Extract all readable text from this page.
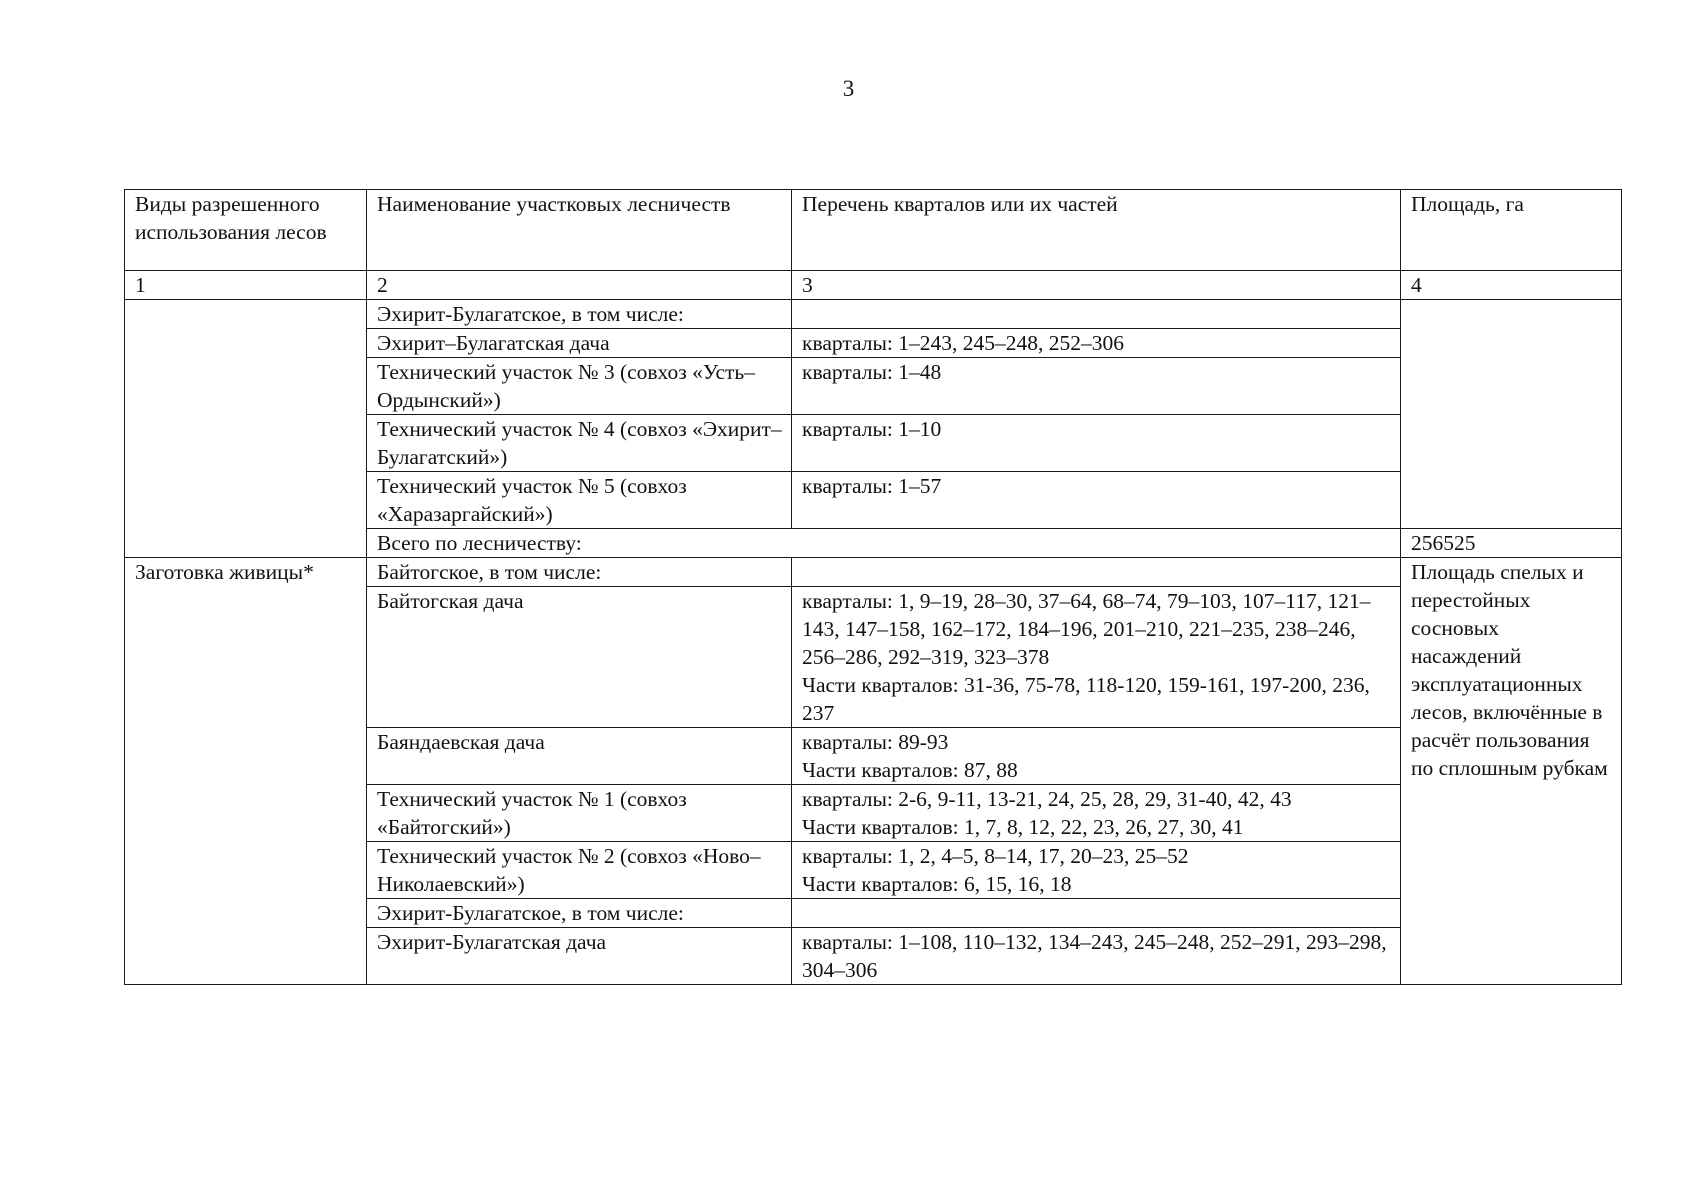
3
Виды разрешенного использования лесов	Наименование участковых лесничеств	Перечень кварталов или их частей	Площадь, га
1	2	3	4
	Эхирит-Булагатское, в том числе:		
	Эхирит–Булагатская дача	кварталы: 1–243, 245–248, 252–306	
	Технический участок № 3 (совхоз «Усть–Ордынский»)	кварталы: 1–48	
	Технический участок № 4 (совхоз «Эхирит–Булагатский»)	кварталы: 1–10	
	Технический участок № 5 (совхоз «Харазаргайский»)	кварталы: 1–57	
	Всего по лесничеству:		256525
Заготовка живицы*	Байтогское, в том числе:		Площадь спелых и перестойных сосновых насаждений эксплуатационных лесов, включённые в расчёт пользования по сплошным рубкам
	Байтогская дача	кварталы: 1, 9–19, 28–30, 37–64, 68–74, 79–103, 107–117, 121–143, 147–158, 162–172, 184–196, 201–210, 221–235, 238–246, 256–286, 292–319, 323–378
Части кварталов: 31-36, 75-78, 118-120, 159-161, 197-200, 236, 237	

	Баяндаевская дача	кварталы: 89-93
Части кварталов: 87, 88	

	Технический участок № 1 (совхоз «Байтогский»)	кварталы: 2-6, 9-11, 13-21, 24, 25, 28, 29, 31-40, 42, 43
Части кварталов: 1, 7, 8, 12, 22, 23, 26, 27, 30, 41	

	Технический участок № 2 (совхоз «Ново–Николаевский»)	кварталы: 1, 2, 4–5, 8–14, 17, 20–23, 25–52
Части кварталов: 6, 15, 16, 18	

	Эхирит-Булагатское, в том числе:		
	Эхирит-Булагатская дача	кварталы: 1–108, 110–132, 134–243, 245–248, 252–291, 293–298, 304–306	
